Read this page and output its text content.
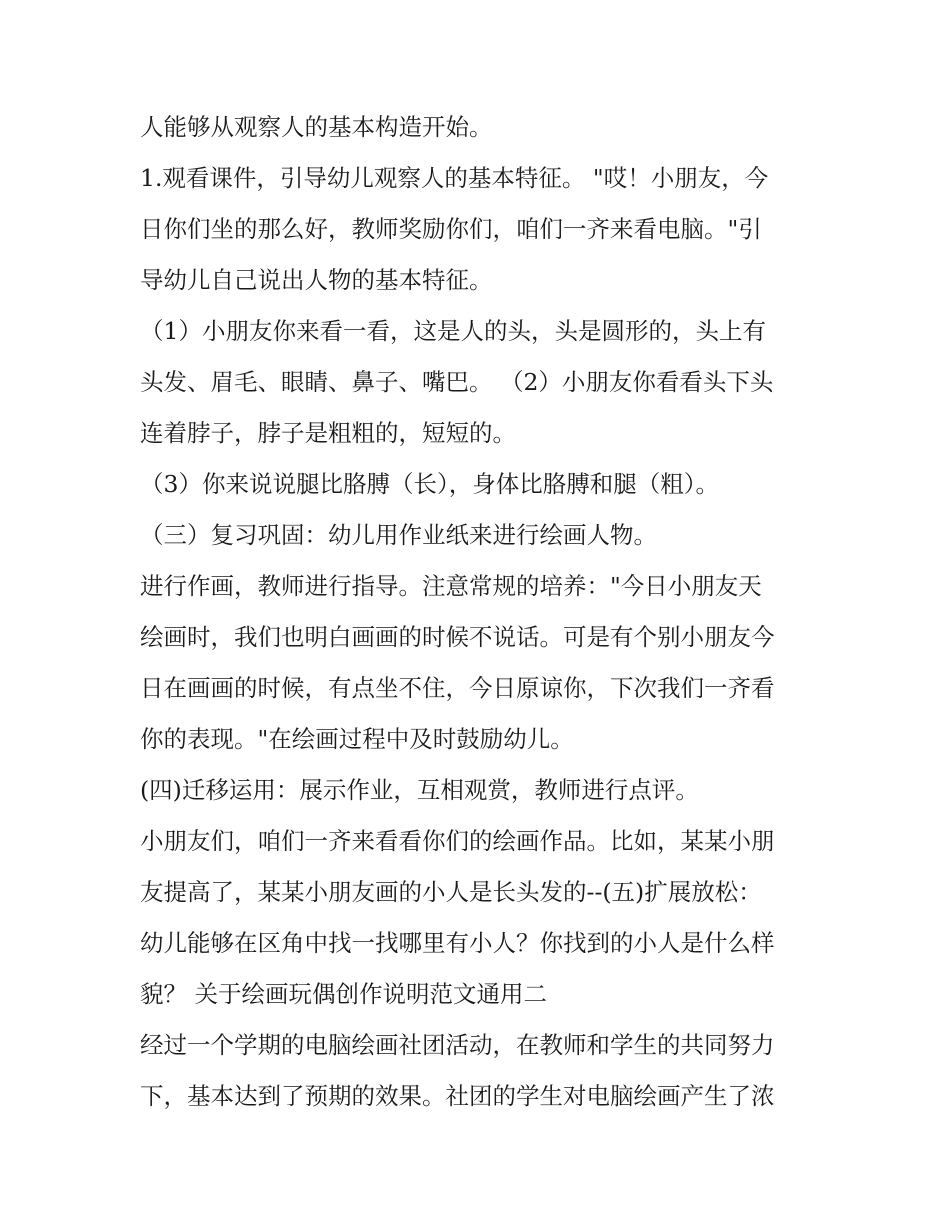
人能够从观察人的基本构造开始。
1.观看课件，引导幼儿观察人的基本特征。 "哎！小朋友，今
日你们坐的那么好，教师奖励你们，咱们一齐来看电脑。"引
导幼儿自己说出人物的基本特征。
（1）小朋友你来看一看，这是人的头，头是圆形的，头上有
头发、眉毛、眼睛、鼻子、嘴巴。 （2）小朋友你看看头下头
连着脖子，脖子是粗粗的，短短的。
（3）你来说说腿比胳膊（长），身体比胳膊和腿（粗）。
（三）复习巩固：幼儿用作业纸来进行绘画人物。
进行作画，教师进行指导。注意常规的培养："今日小朋友天
绘画时，我们也明白画画的时候不说话。可是有个别小朋友今
日在画画的时候，有点坐不住，今日原谅你，下次我们一齐看
你的表现。"在绘画过程中及时鼓励幼儿。
(四)迁移运用：展示作业，互相观赏，教师进行点评。
小朋友们，咱们一齐来看看你们的绘画作品。比如，某某小朋
友提高了，某某小朋友画的小人是长头发的--(五)扩展放松：
幼儿能够在区角中找一找哪里有小人？你找到的小人是什么样
貌？ 关于绘画玩偶创作说明范文通用二
经过一个学期的电脑绘画社团活动，在教师和学生的共同努力
下，基本达到了预期的效果。社团的学生对电脑绘画产生了浓
